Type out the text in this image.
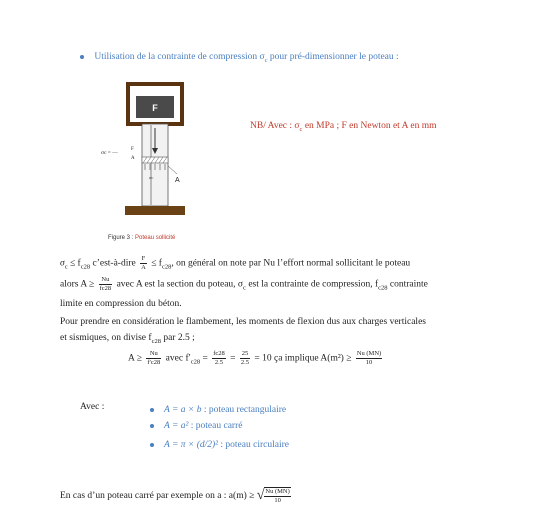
Utilisation de la contrainte de compression $\sigma_c$ pour pré-dimensionner le poteau :
F
σc = —
F
A
A
σc
NB/ Avec : $\sigma_c$ en MPa ; F en Newton et A en mm
Figure 3 : Poteau sollicité
$\sigma_c \le f_{c28}$ c’est-à-dire $\frac{F}{A} \le f_{c28}$, on général on note par Nu l’effort normal sollicitant le poteau
alors $A \ge \frac{Nu}{fc28}$ avec A est la section du poteau, $\sigma_c$ est la contrainte de compression, $f_{c28}$ contrainte
limite en compression du béton.
Pour prendre en considération le flambement, les moments de flexion dus aux charges verticales
et sismiques, on divise $f_{c28}$ par 2.5 ;
$A \ge \frac{Nu}{f'c28}$ avec $f'_{c28} = \frac{fc28}{2.5} = \frac{25}{2.5} = 10$ ça implique $A(m^2) \ge \frac{Nu (MN)}{10}$
Avec :	A = a × b : poteau rectangulaire
A = a² : poteau carré
A = π × (d/2)² : poteau circulaire
En cas d’un poteau carré par exemple on a : a(m) ≥ √ $\frac{Nu (MN)}{10}$
